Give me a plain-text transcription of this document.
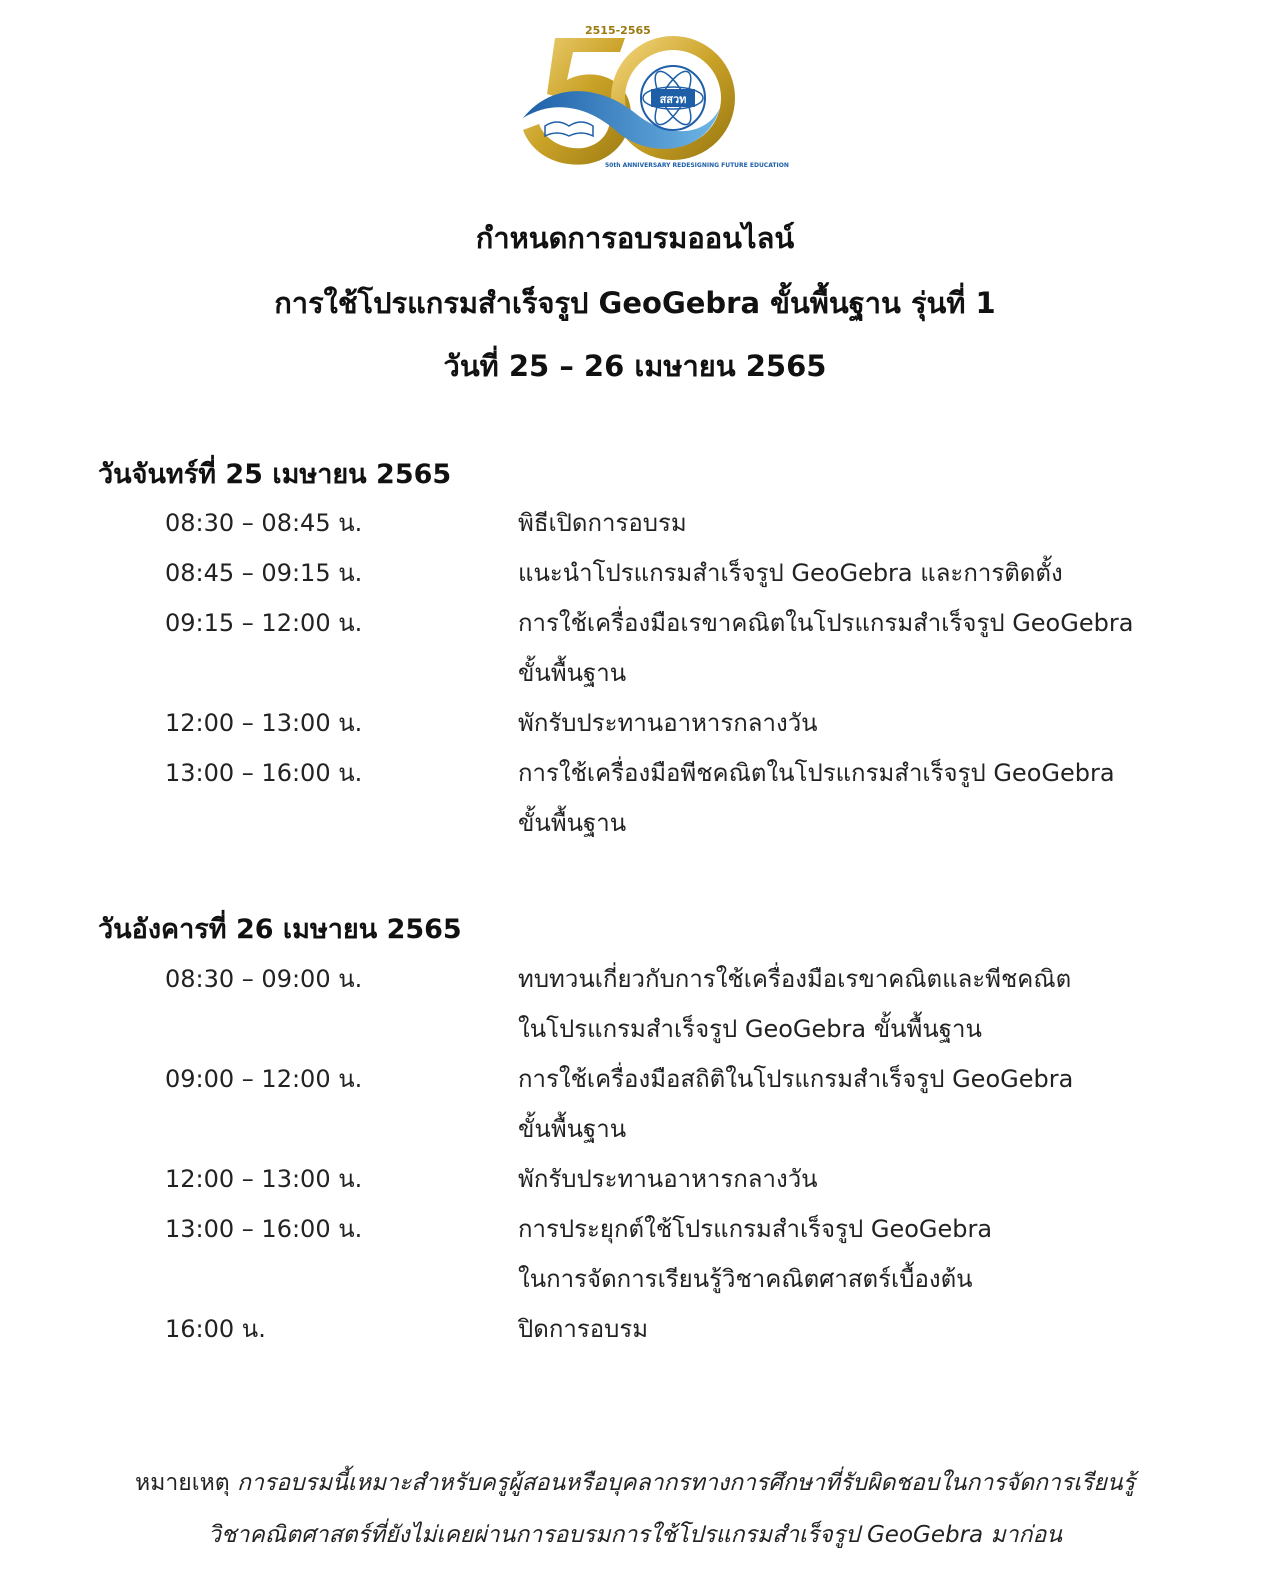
2515-2565
สสวท
50th ANNIVERSARY REDESIGNING FUTURE EDUCATION
กำหนดการอบรมออนไลน์
การใช้โปรแกรมสำเร็จรูป GeoGebra ขั้นพื้นฐาน รุ่นที่ 1
วันที่ 25 – 26 เมษายน 2565
วันจันทร์ที่ 25 เมษายน 2565
08:30 – 08:45 น.	พิธีเปิดการอบรม
08:45 – 09:15 น.	แนะนำโปรแกรมสำเร็จรูป GeoGebra และการติดตั้ง
09:15 – 12:00 น.	การใช้เครื่องมือเรขาคณิตในโปรแกรมสำเร็จรูป GeoGebra
ขั้นพื้นฐาน
12:00 – 13:00 น.	พักรับประทานอาหารกลางวัน
13:00 – 16:00 น.	การใช้เครื่องมือพีชคณิตในโปรแกรมสำเร็จรูป GeoGebra
ขั้นพื้นฐาน
วันอังคารที่ 26 เมษายน 2565
08:30 – 09:00 น.	ทบทวนเกี่ยวกับการใช้เครื่องมือเรขาคณิตและพีชคณิต
ในโปรแกรมสำเร็จรูป GeoGebra ขั้นพื้นฐาน
09:00 – 12:00 น.	การใช้เครื่องมือสถิติในโปรแกรมสำเร็จรูป GeoGebra
ขั้นพื้นฐาน
12:00 – 13:00 น.	พักรับประทานอาหารกลางวัน
13:00 – 16:00 น.	การประยุกต์ใช้โปรแกรมสำเร็จรูป GeoGebra
ในการจัดการเรียนรู้วิชาคณิตศาสตร์เบื้องต้น
16:00 น.	ปิดการอบรม
หมายเหตุ การอบรมนี้เหมาะสำหรับครูผู้สอนหรือบุคลากรทางการศึกษาที่รับผิดชอบในการจัดการเรียนรู้
วิชาคณิตศาสตร์ที่ยังไม่เคยผ่านการอบรมการใช้โปรแกรมสำเร็จรูป GeoGebra มาก่อน
